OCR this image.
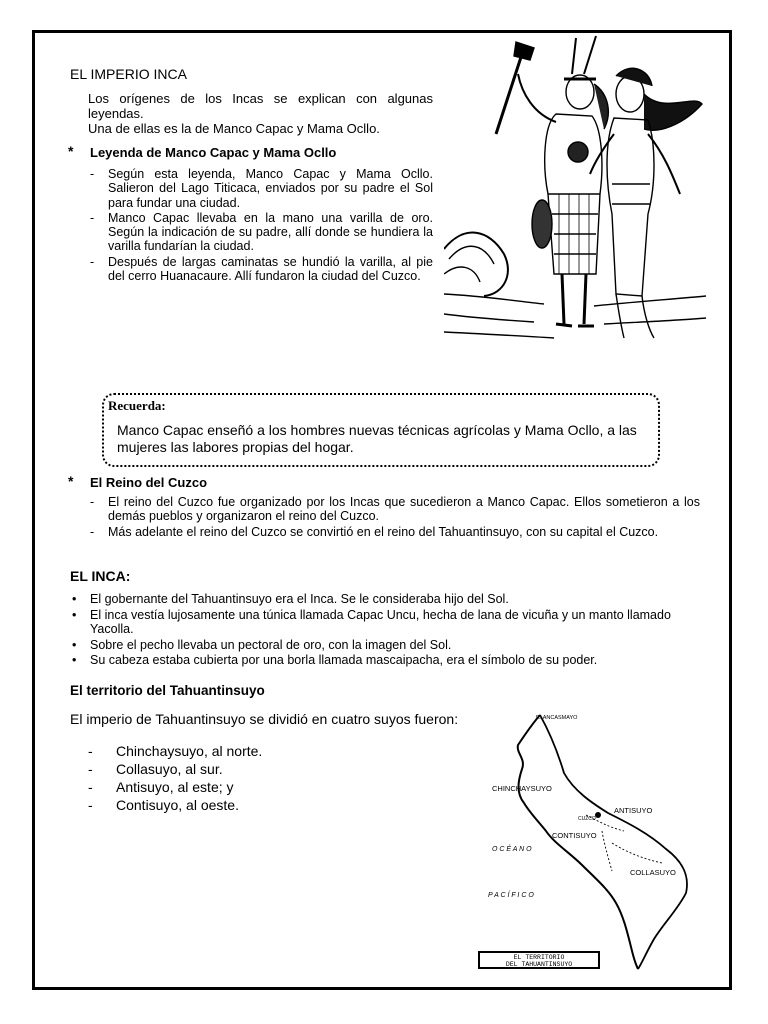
EL IMPERIO INCA

Los orígenes de los Incas se explican con algunas leyendas.

Una de ellas es la de Manco Capac y Mama Ocllo.

* Leyenda de Manco Capac y Mama Ocllo
- Según esta leyenda, Manco Capac y Mama Ocllo. Salieron del Lago Titicaca, enviados por su padre el Sol para fundar una ciudad.
- Manco Capac llevaba en la mano una varilla de oro. Según la indicación de su padre, allí donde se hundiera la varilla fundarían la ciudad.
- Después de largas caminatas se hundió la varilla, al pie del cerro Huanacaure. Allí fundaron la ciudad del Cuzco.
Recuerda:
Manco Capac enseñó a los hombres nuevas técnicas agrícolas y Mama Ocllo, a las mujeres las labores propias del hogar.
* El Reino del Cuzco
- El reino del Cuzco fue organizado por los Incas que sucedieron a Manco Capac. Ellos sometieron a los demás pueblos y organizaron el reino del Cuzco.
- Más adelante el reino del Cuzco se convirtió en el reino del Tahuantinsuyo, con su capital el Cuzco.
EL INCA:
• El gobernante del Tahuantinsuyo era el Inca. Se le consideraba hijo del Sol.
• El inca vestía lujosamente una túnica llamada Capac Uncu, hecha de lana de vicuña y un manto llamado Yacolla.
• Sobre el pecho llevaba un pectoral de oro, con la imagen del Sol.
• Su cabeza estaba cubierta por una borla llamada mascaipacha, era el símbolo de su poder.
El territorio del Tahuantinsuyo
El imperio de Tahuantinsuyo se dividió en cuatro suyos fueron:
- Chinchaysuyo, al norte.
- Collasuyo, al sur.
- Antisuyo, al este; y
- Contisuyo, al oeste.
R. ANCASMAYO
CHINCHAYSUYO
ANTISUYO
CUZCO
CONTISUYO
COLLASUYO
O C É A N O
P A C Í F I C O
EL TERRITORIO
DEL TAHUANTINSUYO
